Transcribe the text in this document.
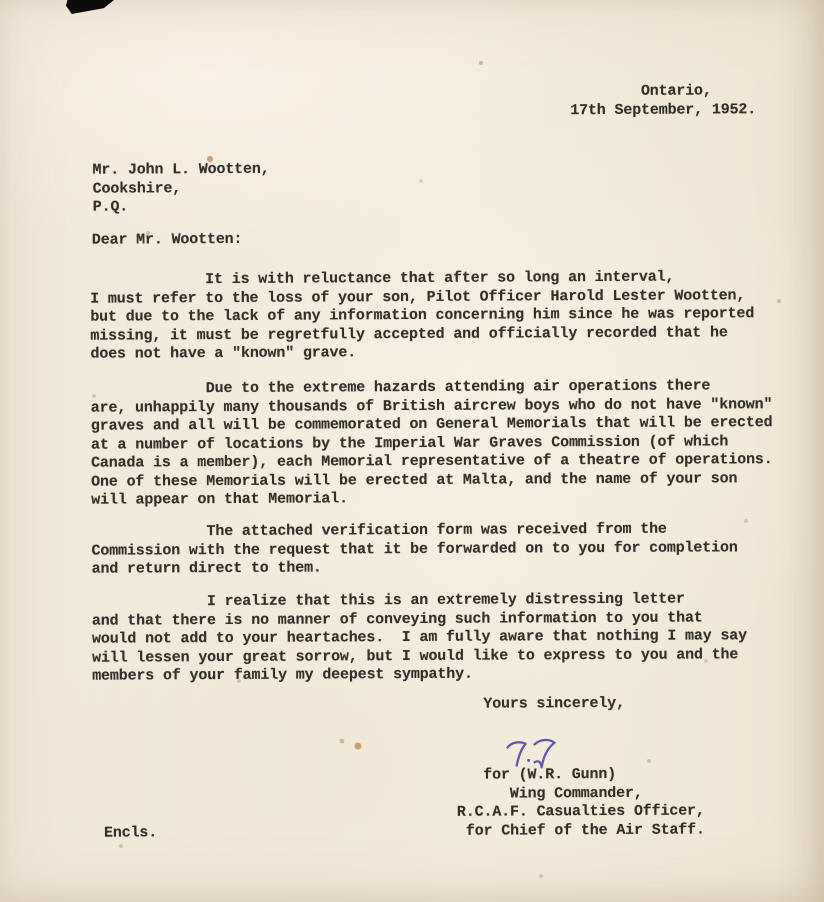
Ontario,
17th September, 1952.
Mr. John L. Wootten,
Cookshire,
P.Q.
Dear Mr. Wootten:
It is with reluctance that after so long an interval,
I must refer to the loss of your son, Pilot Officer Harold Lester Wootten,
but due to the lack of any information concerning him since he was reported
missing, it must be regretfully accepted and officially recorded that he
does not have a "known" grave.
Due to the extreme hazards attending air operations there
are, unhappily many thousands of British aircrew boys who do not have "known"
graves and all will be commemorated on General Memorials that will be erected
at a number of locations by the Imperial War Graves Commission (of which
Canada is a member), each Memorial representative of a theatre of operations.
One of these Memorials will be erected at Malta, and the name of your son
will appear on that Memorial.
The attached verification form was received from the
Commission with the request that it be forwarded on to you for completion
and return direct to them.
I realize that this is an extremely distressing letter
and that there is no manner of conveying such information to you that
would not add to your heartaches.  I am fully aware that nothing I may say
will lessen your great sorrow, but I would like to express to you and the
members of your family my deepest sympathy.
Yours sincerely,
for (W.R. Gunn)
Wing Commander,
R.C.A.F. Casualties Officer,
for Chief of the Air Staff.
Encls.
